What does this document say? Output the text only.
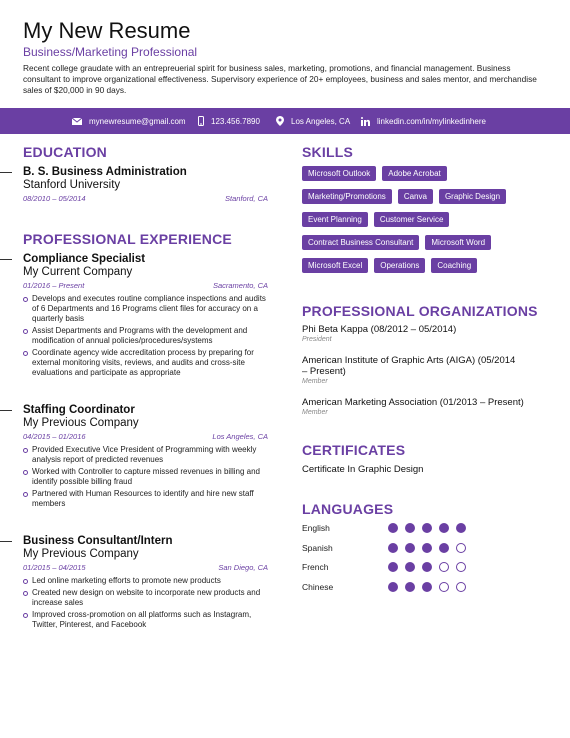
My New Resume
Business/Marketing Professional
Recent college graudate with an entrepreuerial spirit for business sales, marketing, promotions, and financial management. Business consultant to improve organizational effectiveness. Supervisory experience of 20+ employees, business and sales mentor, and merchandise sales of $20,000 in 90 days.
mynewresume@gmail.com	123.456.7890	Los Angeles, CA	linkedin.com/in/mylinkedinhere
EDUCATION
B. S. Business Administration
Stanford University
08/2010 – 05/2014	Stanford, CA
PROFESSIONAL EXPERIENCE
Compliance Specialist
My Current Company
01/2016 – Present	Sacramento, CA
Develops and executes routine compliance inspections and audits of 6 Departments and 16 Programs client files for accuracy on a quarterly basis
Assist Departments and Programs with the development and modification of annual policies/procedures/systems
Coordinate agency wide accreditation process by preparing for external monitoring visits, reviews, and audits and cross-site evaluations and participate as appropriate
Staffing Coordinator
My Previous Company
04/2015 – 01/2016	Los Angeles, CA
Provided Executive Vice President of Programming with weekly analysis report of predicted revenues
Worked with Controller to capture missed revenues in billing and identify possible billing fraud
Partnered with Human Resources to identify and hire new staff members
Business Consultant/Intern
My Previous Company
01/2015 – 04/2015	San Diego, CA
Led online marketing efforts to promote new products
Created new design on website to incorporate new products and increase sales
Improved cross-promotion on all platforms such as Instagram, Twitter, Pinterest, and Facebook
SKILLS
Microsoft Outlook	Adobe Acrobat
Marketing/Promotions	Canva	Graphic Design
Event Planning	Customer Service
Contract Business Consultant	Microsoft Word
Microsoft Excel	Operations	Coaching
PROFESSIONAL ORGANIZATIONS
Phi Beta Kappa (08/2012 – 05/2014)
President
American Institute of Graphic Arts (AIGA) (05/2014 – Present)
Member
American Marketing Association (01/2013 – Present)
Member
CERTIFICATES
Certificate In Graphic Design
LANGUAGES
English
Spanish
French
Chinese
